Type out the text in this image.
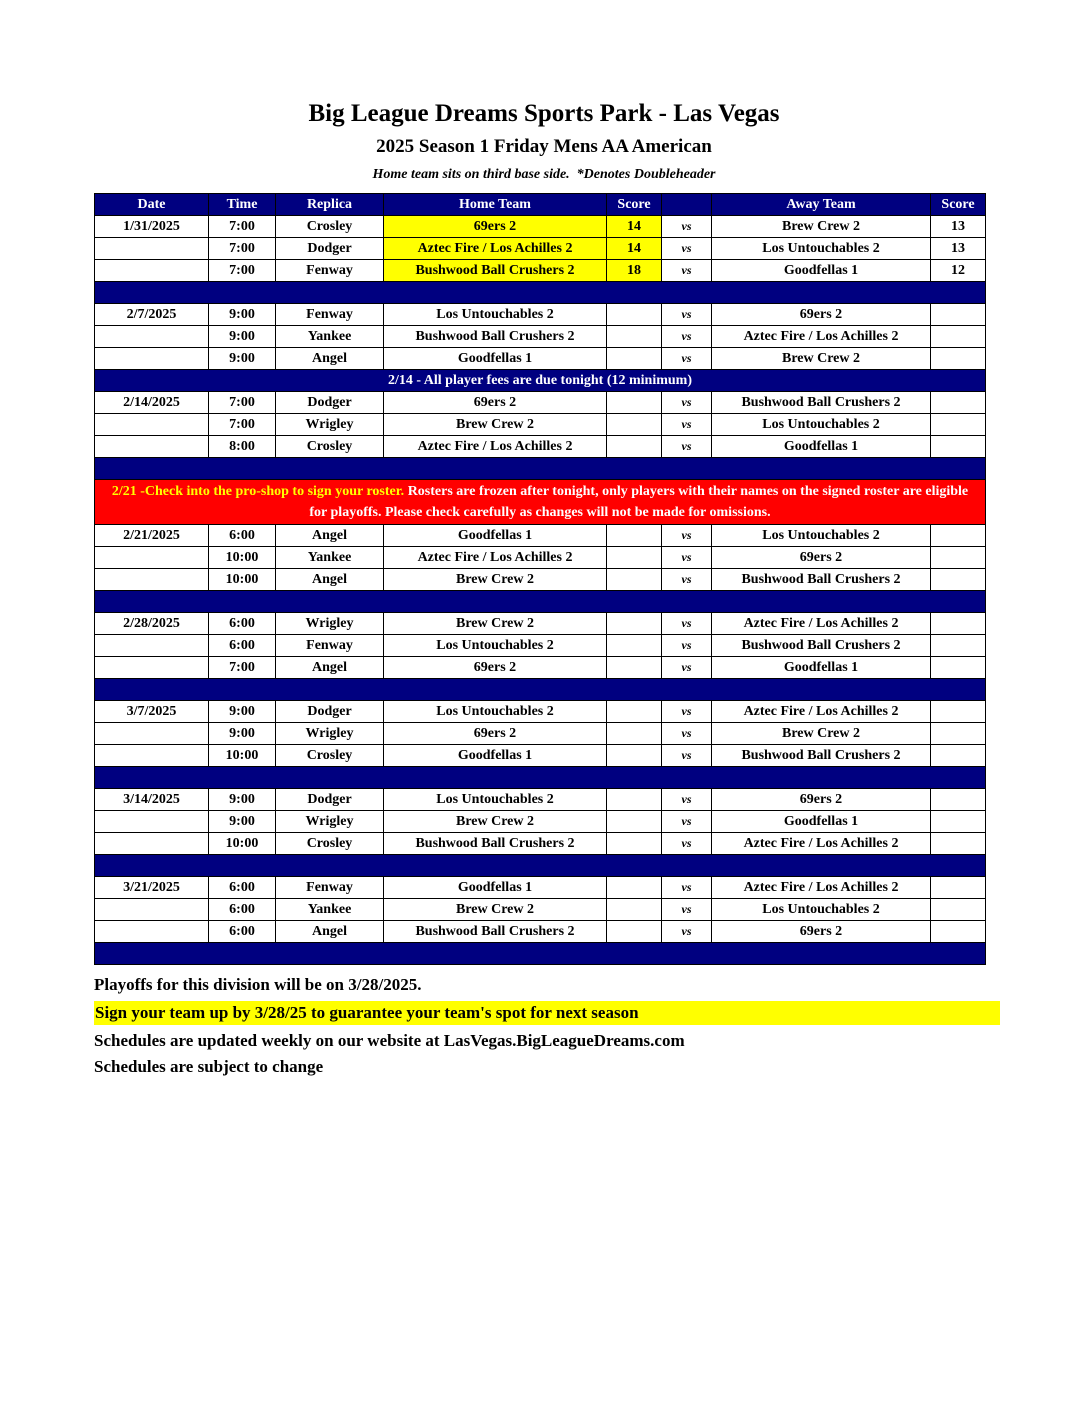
Big League Dreams Sports Park - Las Vegas
2025 Season 1 Friday Mens AA American
Home team sits on third base side.  *Denotes Doubleheader
Date	Time	Replica	Home Team	Score		Away Team	Score
1/31/2025	7:00	Crosley	69ers 2	14	vs	Brew Crew 2	13
	7:00	Dodger	Aztec Fire / Los Achilles 2	14	vs	Los Untouchables 2	13
	7:00	Fenway	Bushwood Ball Crushers 2	18	vs	Goodfellas 1	12

2/7/2025	9:00	Fenway	Los Untouchables 2		vs	69ers 2	
	9:00	Yankee	Bushwood Ball Crushers 2		vs	Aztec Fire / Los Achilles 2	
	9:00	Angel	Goodfellas 1		vs	Brew Crew 2	
2/14 - All player fees are due tonight (12 minimum)							
2/14/2025	7:00	Dodger	69ers 2		vs	Bushwood Ball Crushers 2	
	7:00	Wrigley	Brew Crew 2		vs	Los Untouchables 2	
	8:00	Crosley	Aztec Fire / Los Achilles 2		vs	Goodfellas 1	

2/21 -Check into the pro-shop to sign your roster. Rosters are frozen after tonight, only players with their names on the signed roster are eligible for playoffs. Please check carefully as changes will not be made for omissions.							
2/21/2025	6:00	Angel	Goodfellas 1		vs	Los Untouchables 2	
	10:00	Yankee	Aztec Fire / Los Achilles 2		vs	69ers 2	
	10:00	Angel	Brew Crew 2		vs	Bushwood Ball Crushers 2	

2/28/2025	6:00	Wrigley	Brew Crew 2		vs	Aztec Fire / Los Achilles 2	
	6:00	Fenway	Los Untouchables 2		vs	Bushwood Ball Crushers 2	
	7:00	Angel	69ers 2		vs	Goodfellas 1	

3/7/2025	9:00	Dodger	Los Untouchables 2		vs	Aztec Fire / Los Achilles 2	
	9:00	Wrigley	69ers 2		vs	Brew Crew 2	
	10:00	Crosley	Goodfellas 1		vs	Bushwood Ball Crushers 2	

3/14/2025	9:00	Dodger	Los Untouchables 2		vs	69ers 2	
	9:00	Wrigley	Brew Crew 2		vs	Goodfellas 1	
	10:00	Crosley	Bushwood Ball Crushers 2		vs	Aztec Fire / Los Achilles 2	

3/21/2025	6:00	Fenway	Goodfellas 1		vs	Aztec Fire / Los Achilles 2	
	6:00	Yankee	Brew Crew 2		vs	Los Untouchables 2	
	6:00	Angel	Bushwood Ball Crushers 2		vs	69ers 2	

Playoffs for this division will be on 3/28/2025.
Sign your team up by 3/28/25 to guarantee your team's spot for next season
Schedules are updated weekly on our website at LasVegas.BigLeagueDreams.com
Schedules are subject to change
